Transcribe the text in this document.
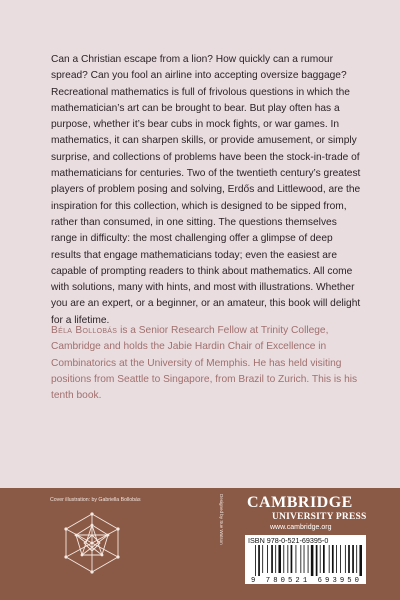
Can a Christian escape from a lion? How quickly can a rumour spread? Can you fool an airline into accepting oversize baggage? Recreational mathematics is full of frivolous questions in which the mathematician’s art can be brought to bear. But play often has a purpose, whether it’s bear cubs in mock fights, or war games. In mathematics, it can sharpen skills, or provide amusement, or simply surprise, and collections of problems have been the stock-in-trade of mathematicians for centuries. Two of the twentieth century’s greatest players of problem posing and solving, Erdős and Littlewood, are the inspiration for this collection, which is designed to be sipped from, rather than consumed, in one sitting. The questions themselves range in difficulty: the most challenging offer a glimpse of deep results that engage mathematicians today; even the easiest are capable of prompting readers to think about mathematics. All come with solutions, many with hints, and most with illustrations. Whether you are an expert, or a beginner, or an amateur, this book will delight for a lifetime.

Béla Bollobás is a Senior Research Fellow at Trinity College, Cambridge and holds the Jabie Hardin Chair of Excellence in Combinatorics at the University of Memphis. He has held visiting positions from Seattle to Singapore, from Brazil to Zurich. This is his tenth book.

Cover illustration: by Gabriella Bollobás	Designed by Sue Watson CAMBRIDGE
UNIVERSITY PRESS
www.cambridge.org
ISBN 978-0-521-69395-0
9 780521 693950
